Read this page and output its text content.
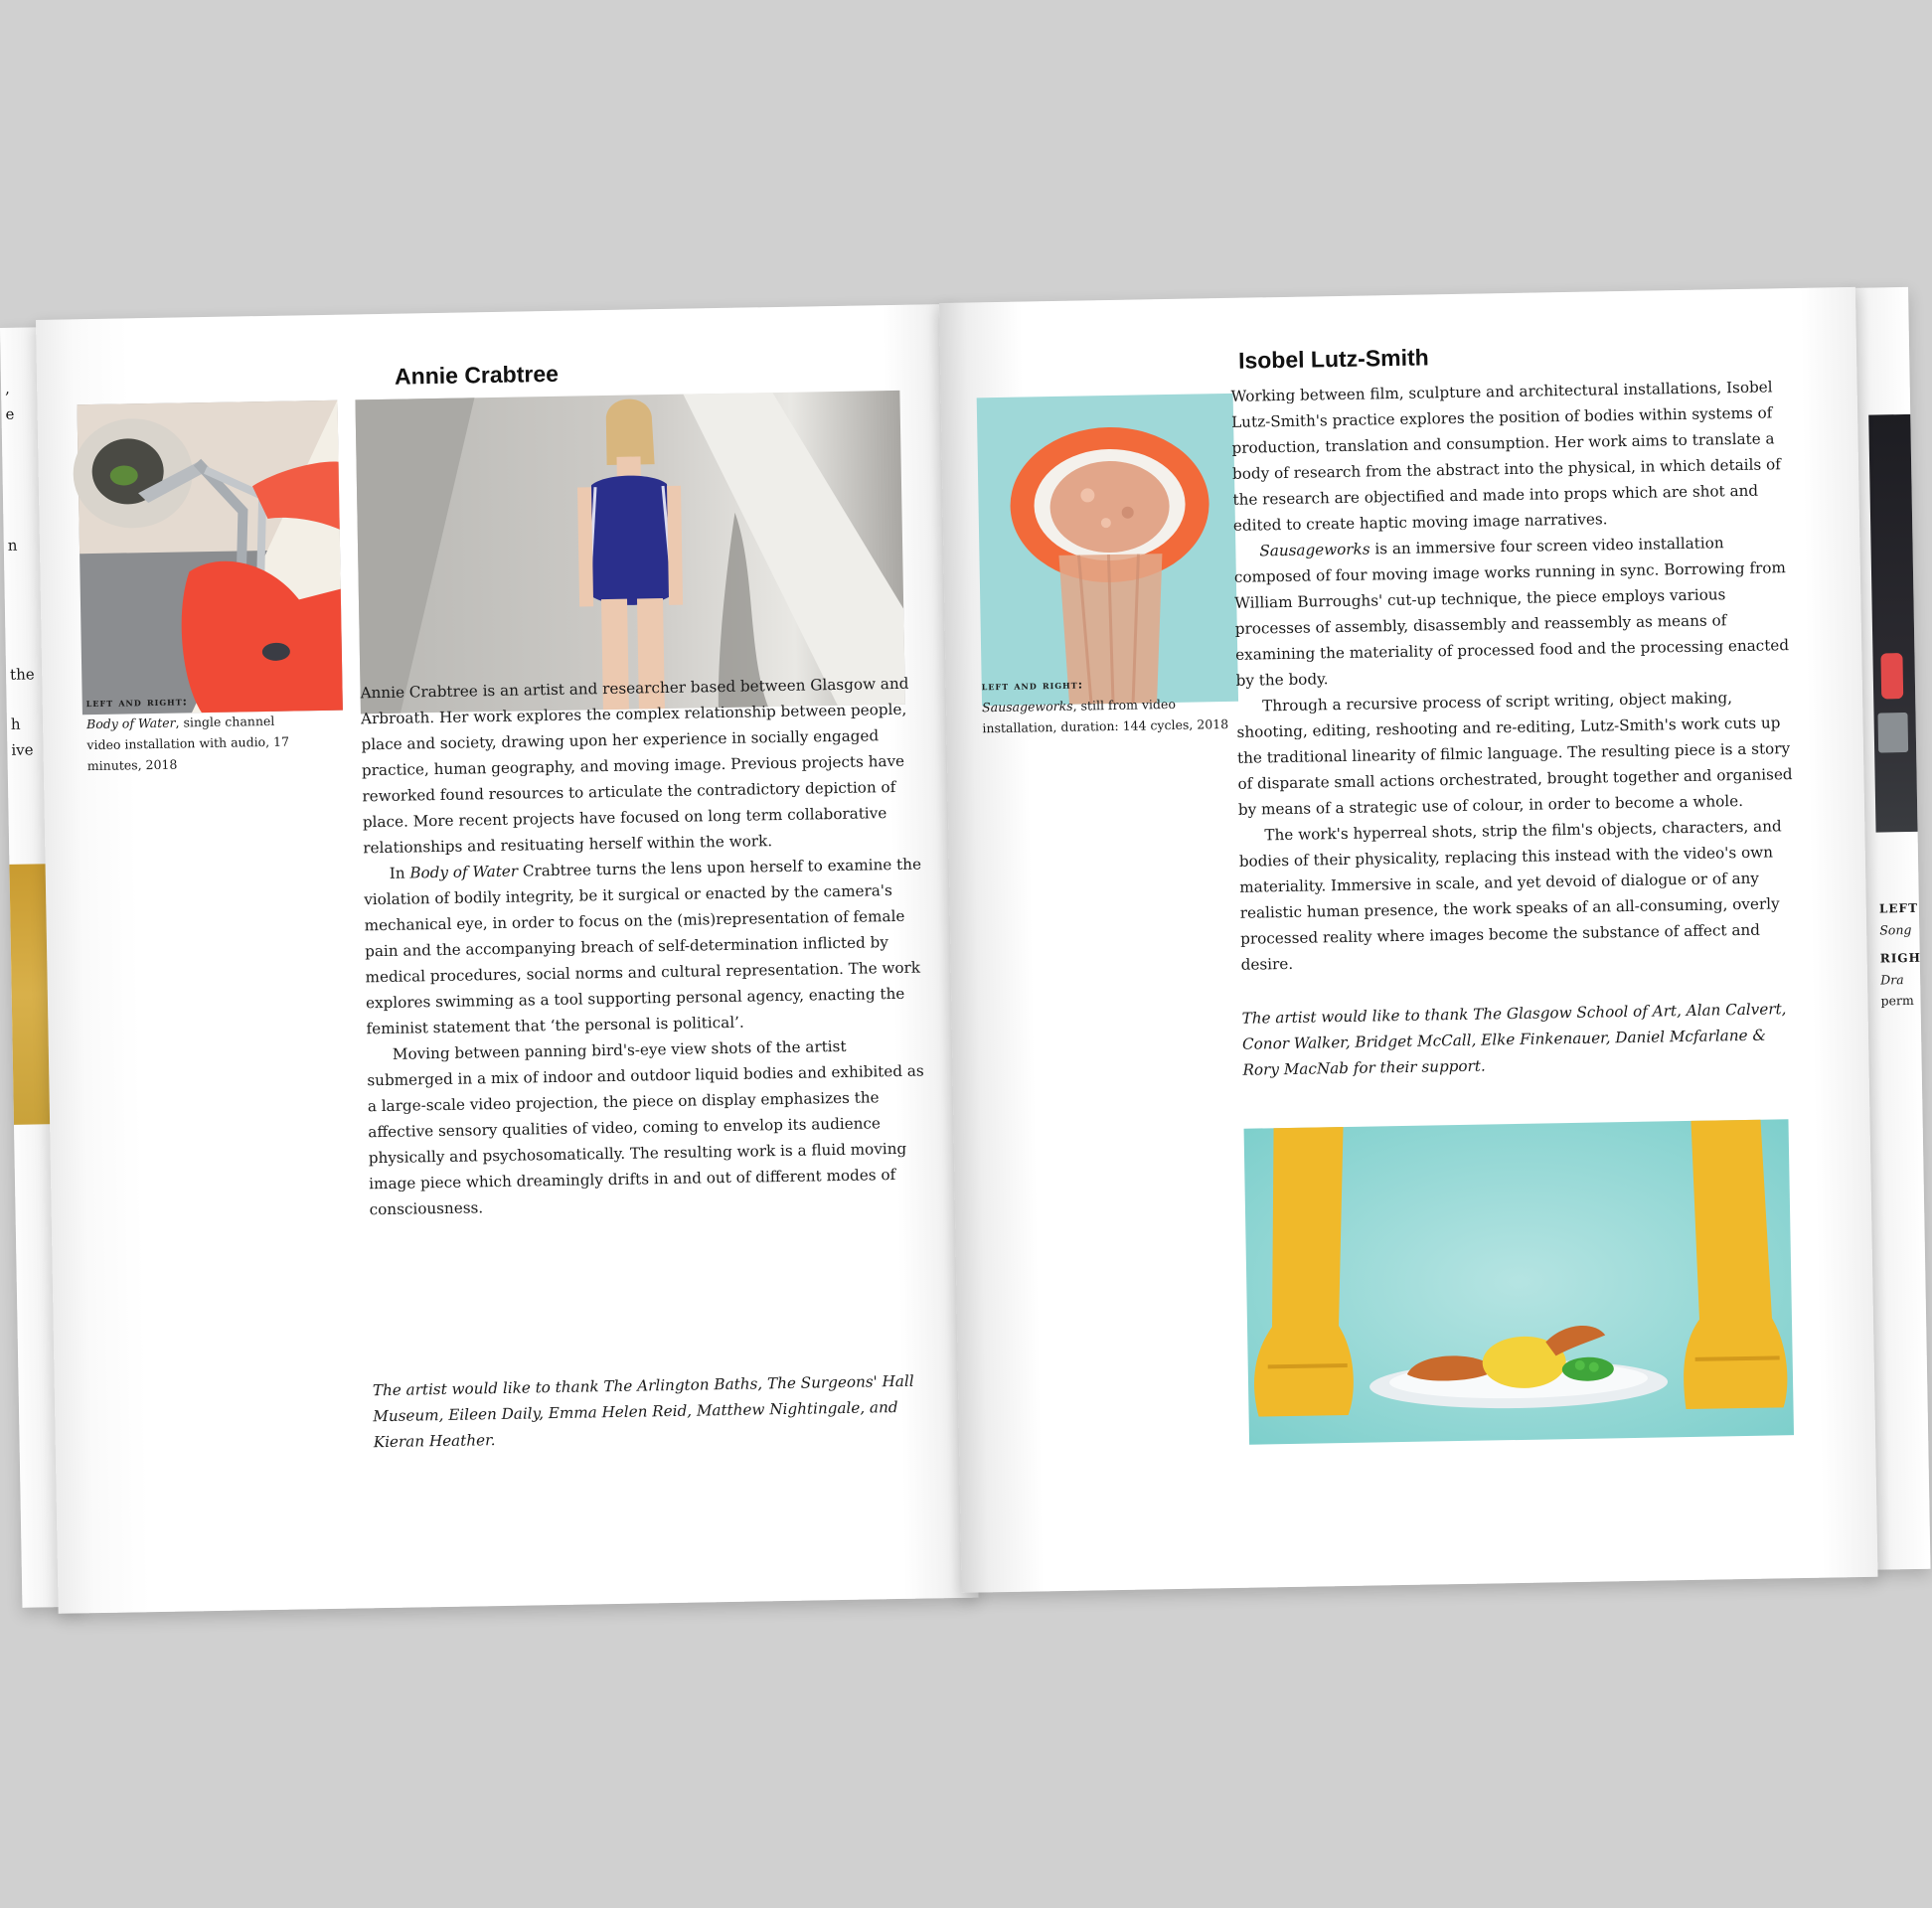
,
e
n
the
h
ive
LEFT
Song

RIGH
Dra
perm
Annie Crabtree
left and right:
Body of Water, single channel video installation with audio, 17 minutes, 2018

Annie Crabtree is an artist and researcher based between Glasgow and Arbroath. Her work explores the complex relationship between people, place and society, drawing upon her experience in socially engaged practice, human geography, and moving image. Previous projects have reworked found resources to articulate the contradictory depiction of place. More recent projects have focused on long term collaborative relationships and resituating herself within the work.

In Body of Water Crabtree turns the lens upon herself to examine the violation of bodily integrity, be it surgical or enacted by the camera's mechanical eye, in order to focus on the (mis)representation of female pain and the accompanying breach of self-determination inflicted by medical procedures, social norms and cultural representation. The work explores swimming as a tool supporting personal agency, enacting the feminist statement that ‘the personal is political’.

Moving between panning bird's-eye view shots of the artist submerged in a mix of indoor and outdoor liquid bodies and exhibited as a large-scale video projection, the piece on display emphasizes the affective sensory qualities of video, coming to envelop its audience physically and psychosomatically. The resulting work is a fluid moving image piece which dreamingly drifts in and out of different modes of consciousness.

The artist would like to thank The Arlington Baths, The Surgeons' Hall Museum, Eileen Daily, Emma Helen Reid, Matthew Nightingale, and Kieran Heather.

Isobel Lutz-Smith
left and right:
Sausageworks, still from video installation, duration: 144 cycles, 2018

Working between film, sculpture and architectural installations, Isobel Lutz-Smith's practice explores the position of bodies within systems of production, translation and consumption. Her work aims to translate a body of research from the abstract into the physical, in which details of the research are objectified and made into props which are shot and edited to create haptic moving image narratives.

Sausageworks is an immersive four screen video installation composed of four moving image works running in sync. Borrowing from William Burroughs' cut-up technique, the piece employs various processes of assembly, disassembly and reassembly as means of examining the materiality of processed food and the processing enacted by the body.

Through a recursive process of script writing, object making, shooting, editing, reshooting and re-editing, Lutz-Smith's work cuts up the traditional linearity of filmic language. The resulting piece is a story of disparate small actions orchestrated, brought together and organised by means of a strategic use of colour, in order to become a whole.

The work's hyperreal shots, strip the film's objects, characters, and bodies of their physicality, replacing this instead with the video's own materiality. Immersive in scale, and yet devoid of dialogue or of any realistic human presence, the work speaks of an all-consuming, overly processed reality where images become the substance of affect and desire.

The artist would like to thank The Glasgow School of Art, Alan Calvert, Conor Walker, Bridget McCall, Elke Finkenauer, Daniel Mcfarlane & Rory MacNab for their support.
